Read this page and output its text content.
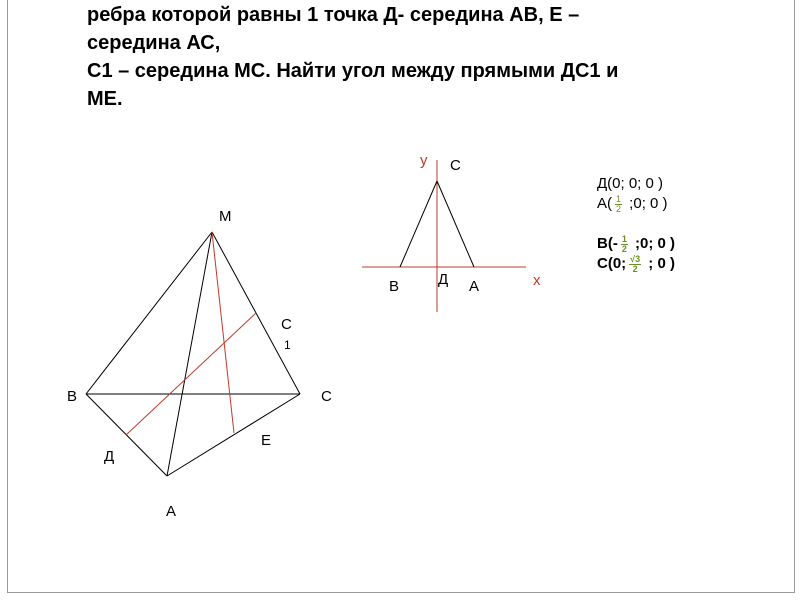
ребра которой равны 1 точка Д- середина АВ, Е –
середина АС,
С1 – середина МС. Найти угол между прямыми ДС1 и
МЕ.
М
В	С
А
Д
Е
С
1
у
х
С
В	Д А
Д(0; 0; 0 )
$А( \frac{1}{2}$ ;0; 0 )
$В(- \frac{1}{2}$ ;0; 0 )
С(0; $\frac{√3}{2}$ ; 0 )
